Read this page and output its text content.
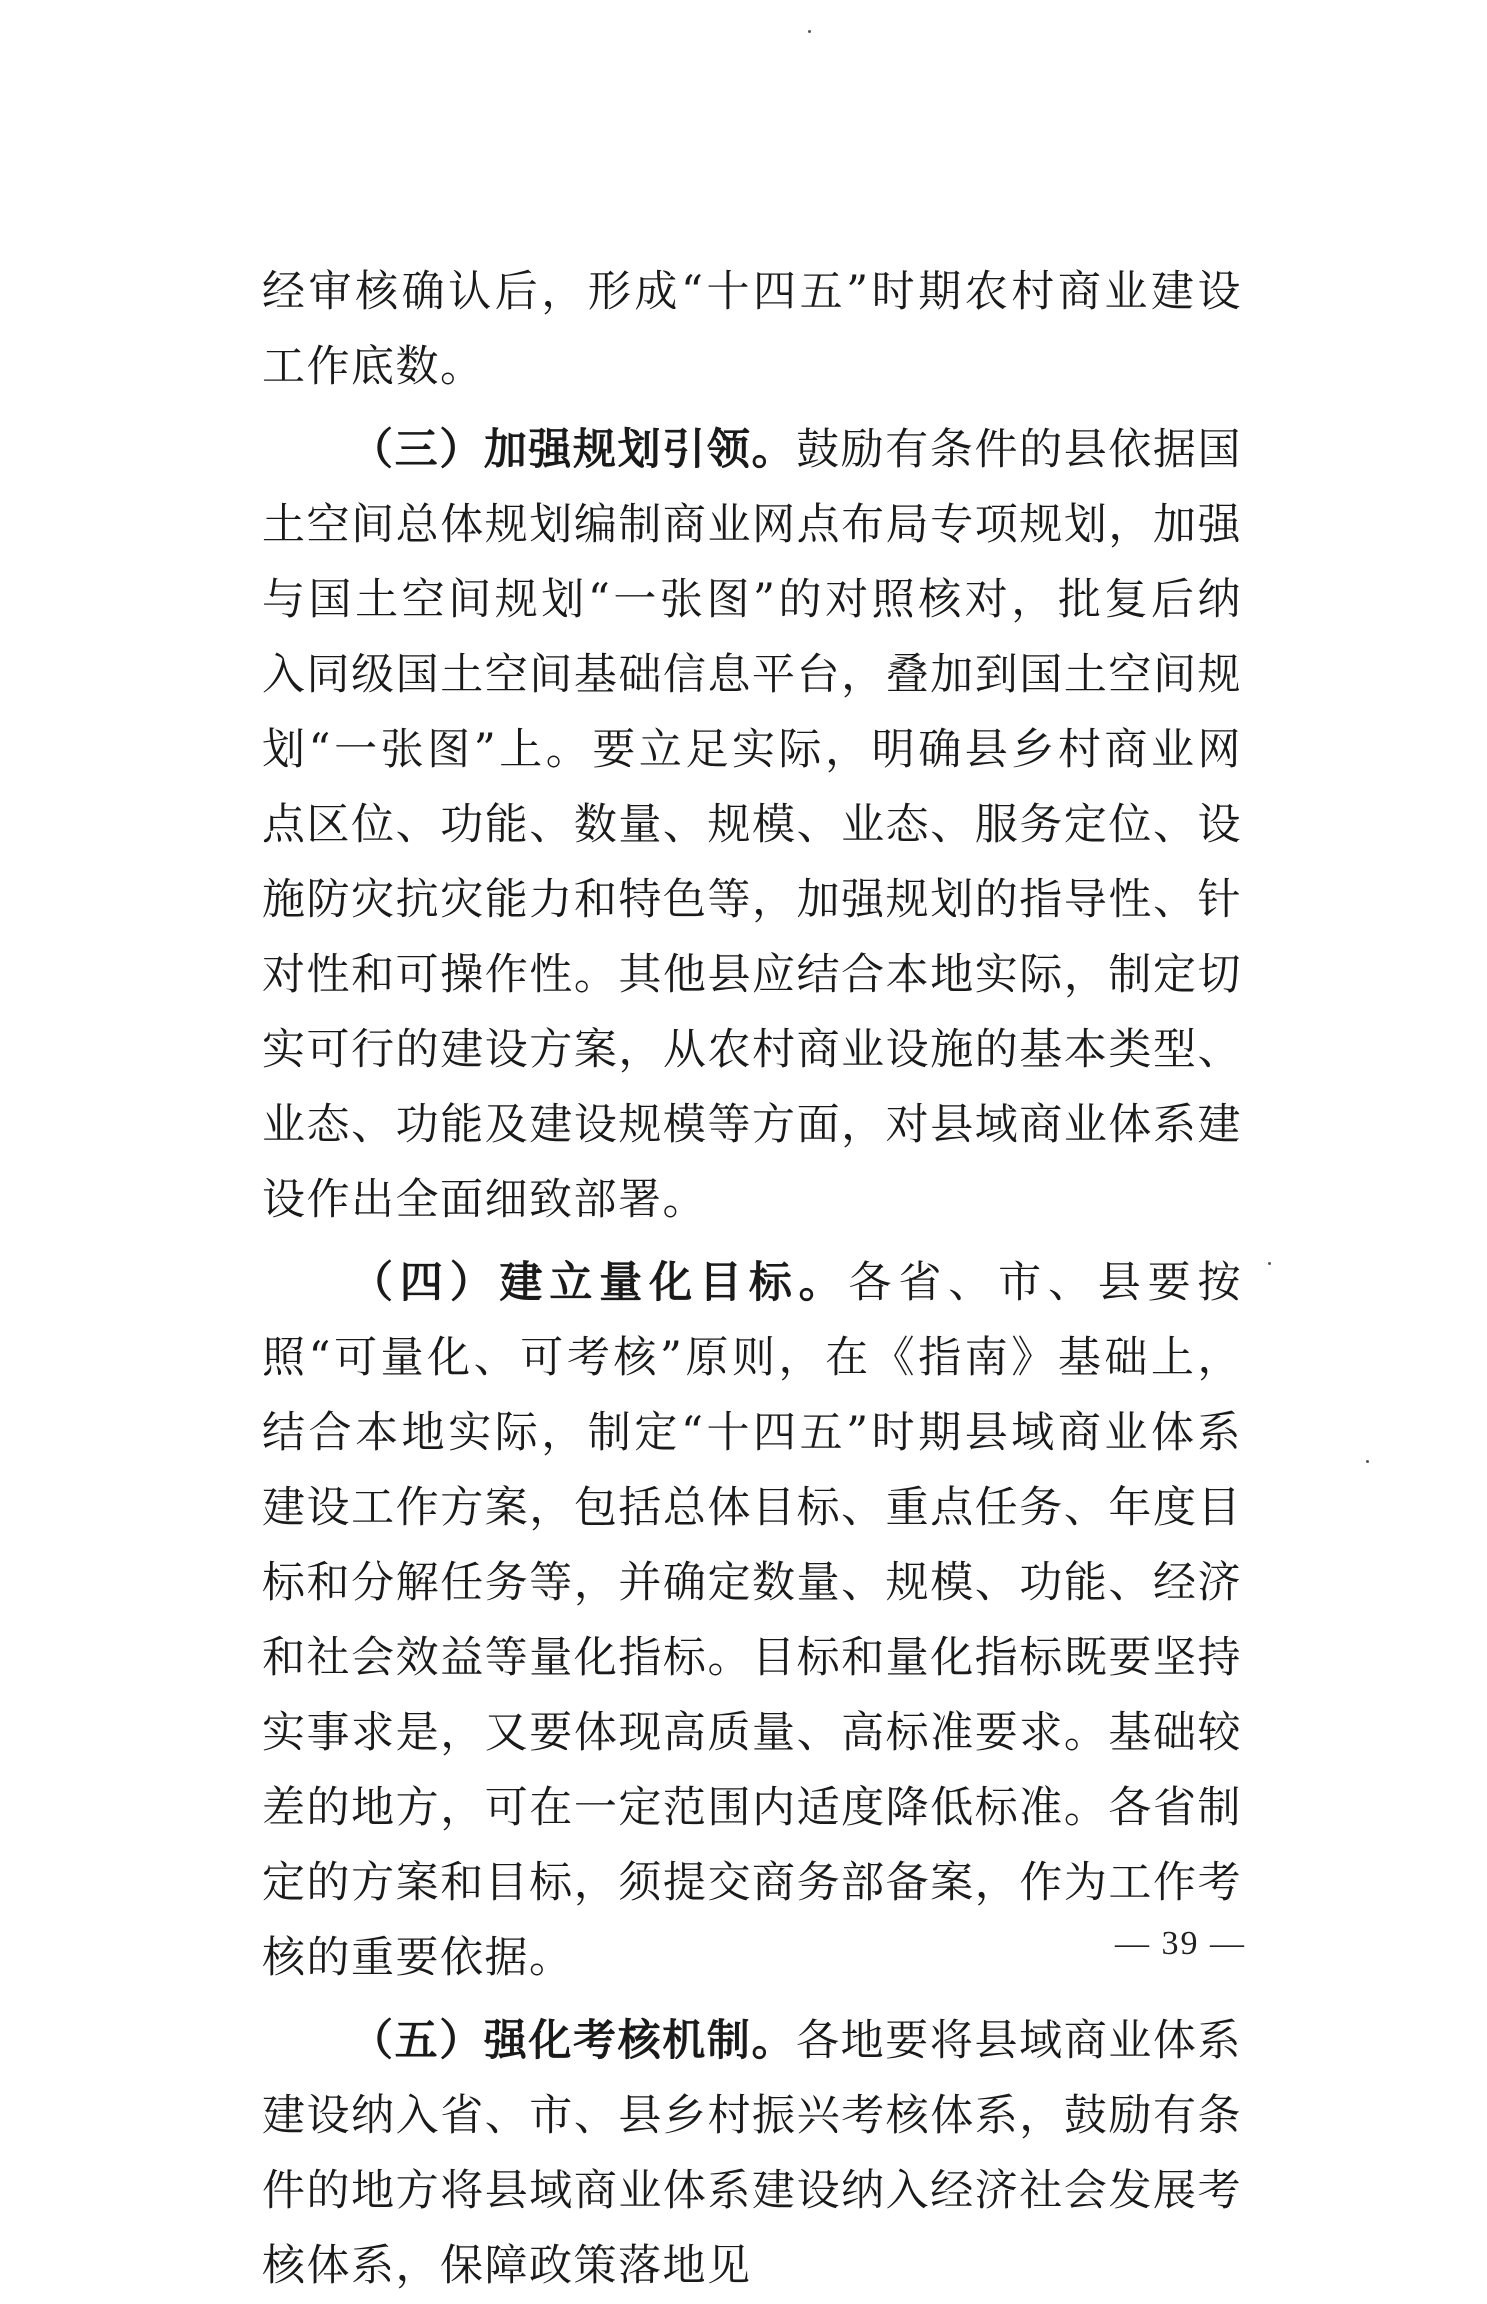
经审核确认后，形成“十四五”时期农村商业建设工作底数。

（三）加强规划引领。鼓励有条件的县依据国土空间总体规划编制商业网点布局专项规划，加强与国土空间规划“一张图”的对照核对，批复后纳入同级国土空间基础信息平台，叠加到国土空间规划“一张图”上。要立足实际，明确县乡村商业网点区位、功能、数量、规模、业态、服务定位、设施防灾抗灾能力和特色等，加强规划的指导性、针对性和可操作性。其他县应结合本地实际，制定切实可行的建设方案，从农村商业设施的基本类型、业态、功能及建设规模等方面，对县域商业体系建设作出全面细致部署。

（四）建立量化目标。各省、市、县要按照“可量化、可考核”原则，在《指南》基础上，结合本地实际，制定“十四五”时期县域商业体系建设工作方案，包括总体目标、重点任务、年度目标和分解任务等，并确定数量、规模、功能、经济和社会效益等量化指标。目标和量化指标既要坚持实事求是，又要体现高质量、高标准要求。基础较差的地方，可在一定范围内适度降低标准。各省制定的方案和目标，须提交商务部备案，作为工作考核的重要依据。

（五）强化考核机制。各地要将县域商业体系建设纳入省、市、县乡村振兴考核体系，鼓励有条件的地方将县域商业体系建设纳入经济社会发展考核体系，保障政策落地见

— 39 —
